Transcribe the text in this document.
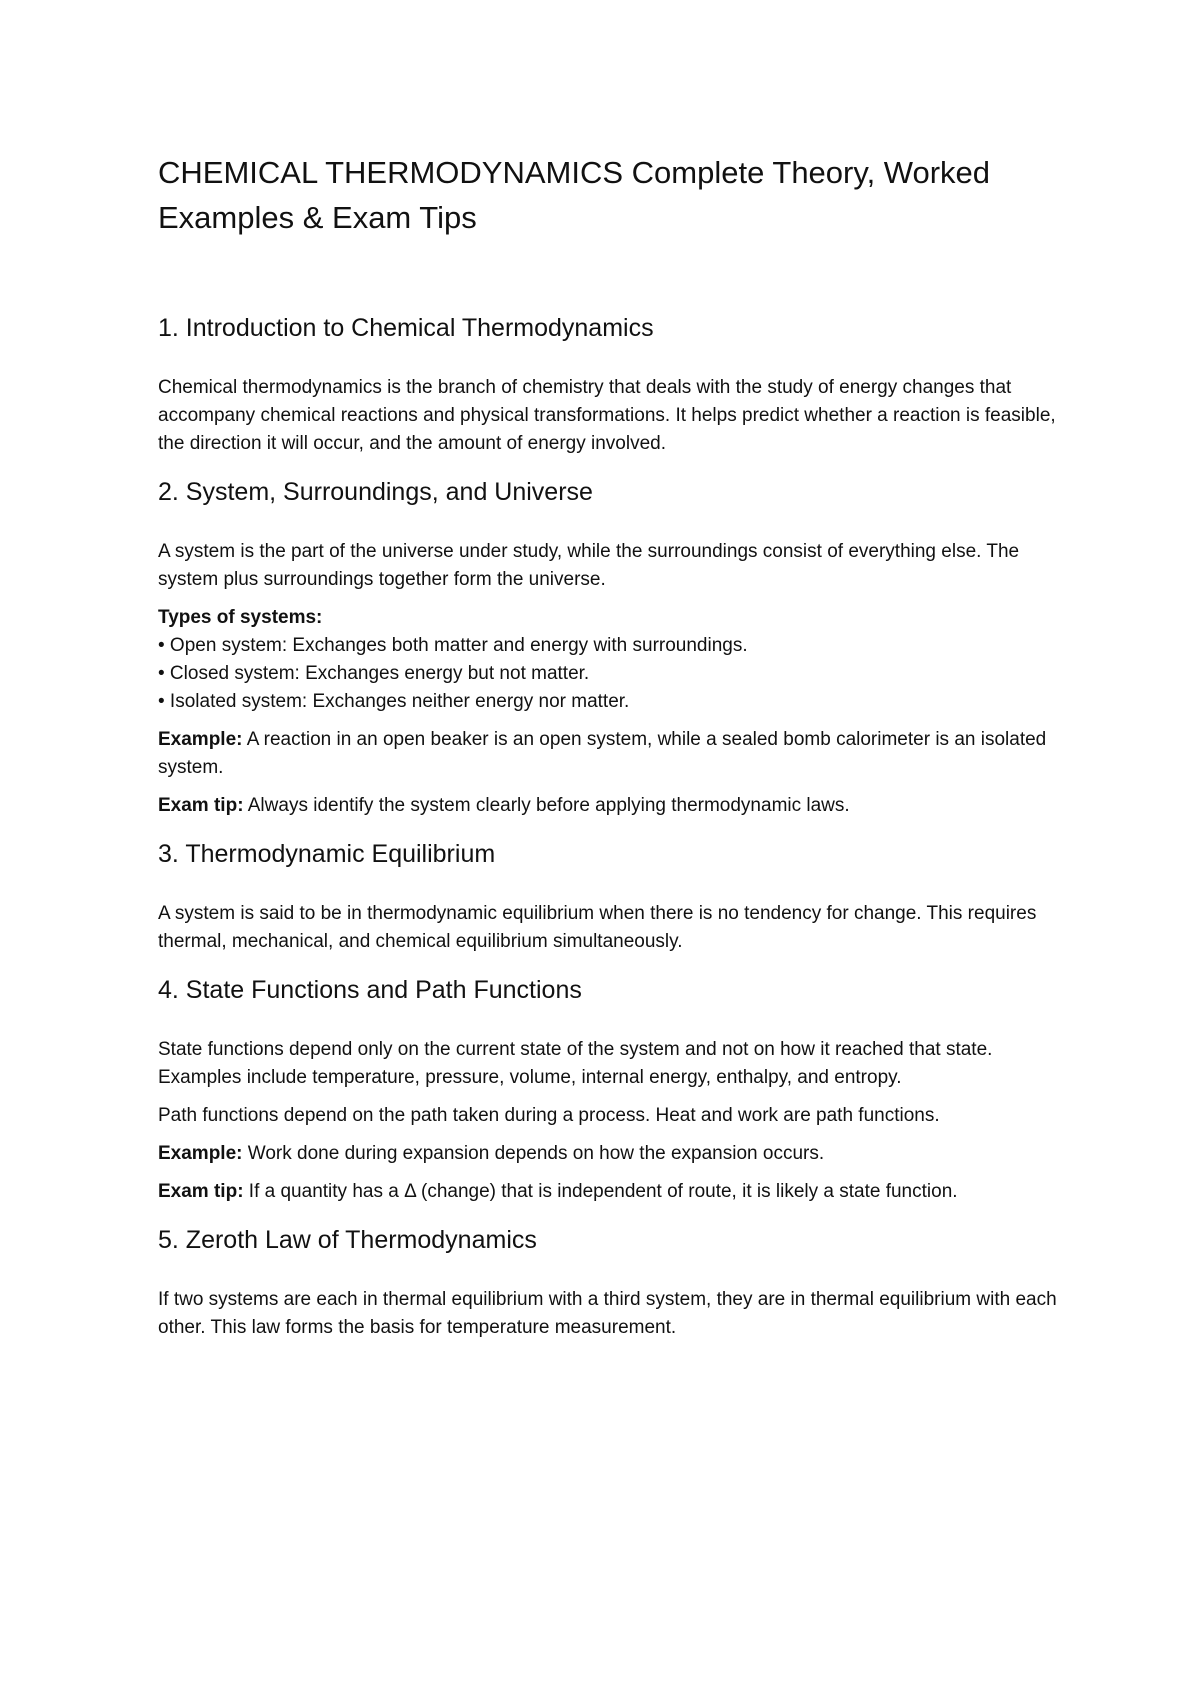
CHEMICAL THERMODYNAMICS Complete Theory, Worked Examples & Exam Tips
1. Introduction to Chemical Thermodynamics

Chemical thermodynamics is the branch of chemistry that deals with the study of energy changes that accompany chemical reactions and physical transformations. It helps predict whether a reaction is feasible, the direction it will occur, and the amount of energy involved.

2. System, Surroundings, and Universe

A system is the part of the universe under study, while the surroundings consist of everything else. The system plus surroundings together form the universe.

Types of systems:

• Open system: Exchanges both matter and energy with surroundings.
• Closed system: Exchanges energy but not matter.
• Isolated system: Exchanges neither energy nor matter.

Example: A reaction in an open beaker is an open system, while a sealed bomb calorimeter is an isolated system.

Exam tip: Always identify the system clearly before applying thermodynamic laws.

3. Thermodynamic Equilibrium

A system is said to be in thermodynamic equilibrium when there is no tendency for change. This requires thermal, mechanical, and chemical equilibrium simultaneously.

4. State Functions and Path Functions

State functions depend only on the current state of the system and not on how it reached that state. Examples include temperature, pressure, volume, internal energy, enthalpy, and entropy.

Path functions depend on the path taken during a process. Heat and work are path functions.

Example: Work done during expansion depends on how the expansion occurs.

Exam tip: If a quantity has a Δ (change) that is independent of route, it is likely a state function.

5. Zeroth Law of Thermodynamics

If two systems are each in thermal equilibrium with a third system, they are in thermal equilibrium with each other. This law forms the basis for temperature measurement.
